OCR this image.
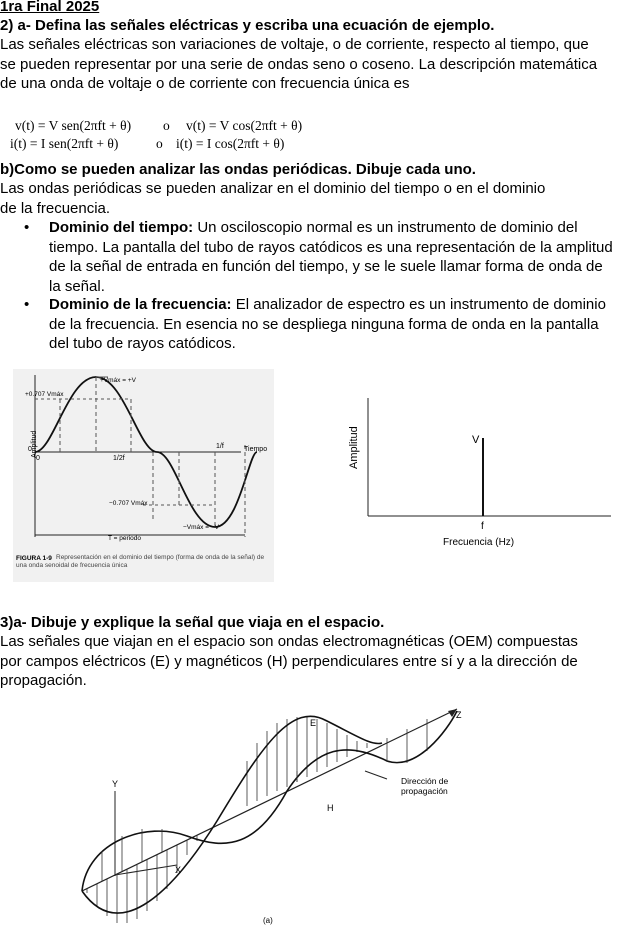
1ra Final 2025
2) a- Defina las señales eléctricas y escriba una ecuación de ejemplo.
Las señales eléctricas son variaciones de voltaje, o de corriente, respecto al tiempo, que se pueden representar por una serie de ondas seno o coseno. La descripción matemática de una onda de voltaje o de corriente con frecuencia única es
v(t) = V sen(2πft + θ) o v(t) = V cos(2πft + θ)
i(t) = I sen(2πft + θ)	o i(t) = I cos(2πft + θ)
b)Como se pueden analizar las ondas periódicas. Dibuje cada uno.
Las ondas periódicas se pueden analizar en el dominio del tiempo o en el dominio de la frecuencia.
• Dominio del tiempo: Un osciloscopio normal es un instrumento de dominio del tiempo. La pantalla del tubo de rayos catódicos es una representación de la amplitud de la señal de entrada en función del tiempo, y se le suele llamar forma de onda de la señal.

• Dominio de la frecuencia: El analizador de espectro es un instrumento de dominio de la frecuencia. En esencia no se despliega ninguna forma de onda en la pantalla del tubo de rayos catódicos.

Amplitud
+Vmáx = +V
+0.707 Vmáx
0
0	1/2f
1/f	Tiempo
−0.707 Vmáx
−Vmáx = −V
T = periodo
FIGURA 1-9 Representación en el dominio del tiempo (forma de onda de la señal) de una onda senoidal de frecuencia única
Amplitud	V
f
Frecuencia (Hz)
3)a- Dibuje y explique la señal que viaja en el espacio.
Las señales que viajan en el espacio son ondas electromagnéticas (OEM) compuestas por campos eléctricos (E) y magnéticos (H) perpendiculares entre sí y a la dirección de propagación.
E
Z
Y
X
H
Dirección de
propagación
(a)
